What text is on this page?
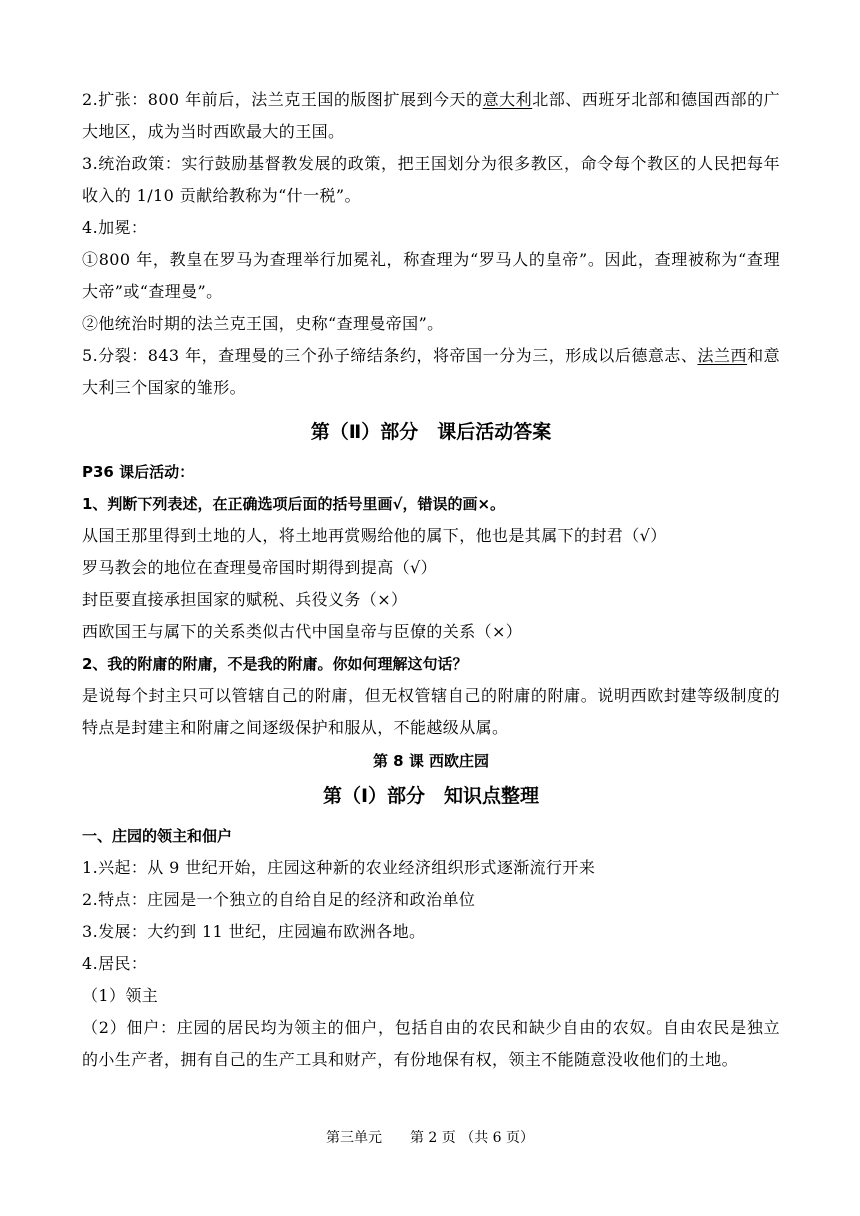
2.扩张：800 年前后，法兰克王国的版图扩展到今天的意大利北部、西班牙北部和德国西部的广大地区，成为当时西欧最大的王国。

3.统治政策：实行鼓励基督教发展的政策，把王国划分为很多教区，命令每个教区的人民把每年收入的 1/10 贡献给教称为“什一税”。

4.加冕：

①800 年，教皇在罗马为查理举行加冕礼，称查理为“罗马人的皇帝”。因此，查理被称为“查理大帝”或“查理曼”。

②他统治时期的法兰克王国，史称“查理曼帝国”。

5.分裂：843 年，查理曼的三个孙子缔结条约，将帝国一分为三，形成以后德意志、法兰西和意大利三个国家的雏形。

第（Ⅱ）部分　课后活动答案

P36 课后活动：

1、判断下列表述，在正确选项后面的括号里画√，错误的画×。

从国王那里得到土地的人，将土地再赏赐给他的属下，他也是其属下的封君（√）

罗马教会的地位在查理曼帝国时期得到提高（√）

封臣要直接承担国家的赋税、兵役义务（×）

西欧国王与属下的关系类似古代中国皇帝与臣僚的关系（×）

2、我的附庸的附庸，不是我的附庸。你如何理解这句话？

是说每个封主只可以管辖自己的附庸，但无权管辖自己的附庸的附庸。说明西欧封建等级制度的特点是封建主和附庸之间逐级保护和服从，不能越级从属。

第 8 课 西欧庄园

第（Ⅰ）部分　知识点整理

一、庄园的领主和佃户

1.兴起：从 9 世纪开始，庄园这种新的农业经济组织形式逐渐流行开来

2.特点：庄园是一个独立的自给自足的经济和政治单位

3.发展：大约到 11 世纪，庄园遍布欧洲各地。

4.居民：

（1）领主

（2）佃户：庄园的居民均为领主的佃户，包括自由的农民和缺少自由的农奴。自由农民是独立的小生产者，拥有自己的生产工具和财产，有份地保有权，领主不能随意没收他们的土地。

第三单元　　第 2 页 （共 6 页）
